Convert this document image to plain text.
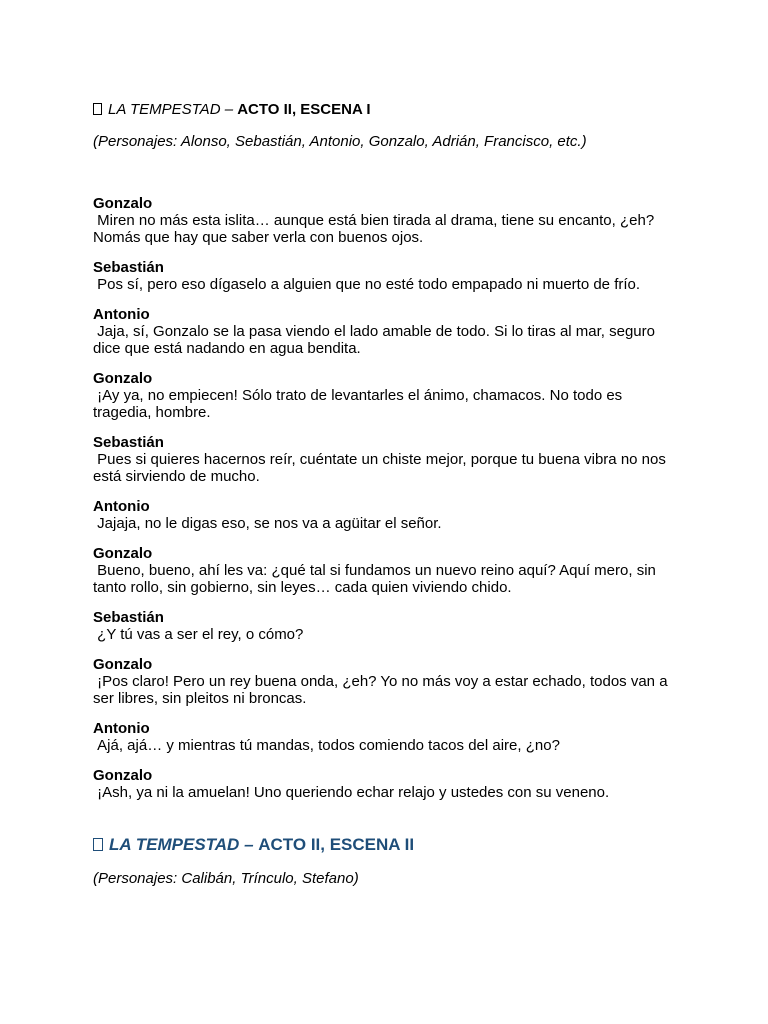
LA TEMPESTAD – ACTO II, ESCENA I

(Personajes: Alonso, Sebastián, Antonio, Gonzalo, Adrián, Francisco, etc.)

Gonzalo
Miren no más esta islita… aunque está bien tirada al drama, tiene su encanto, ¿eh? Nomás que hay que saber verla con buenos ojos.
Sebastián
Pos sí, pero eso dígaselo a alguien que no esté todo empapado ni muerto de frío.
Antonio
Jaja, sí, Gonzalo se la pasa viendo el lado amable de todo. Si lo tiras al mar, seguro dice que está nadando en agua bendita.
Gonzalo
¡Ay ya, no empiecen! Sólo trato de levantarles el ánimo, chamacos. No todo es tragedia, hombre.
Sebastián
Pues si quieres hacernos reír, cuéntate un chiste mejor, porque tu buena vibra no nos está sirviendo de mucho.
Antonio
Jajaja, no le digas eso, se nos va a agüitar el señor.
Gonzalo
Bueno, bueno, ahí les va: ¿qué tal si fundamos un nuevo reino aquí? Aquí mero, sin tanto rollo, sin gobierno, sin leyes… cada quien viviendo chido.
Sebastián
¿Y tú vas a ser el rey, o cómo?
Gonzalo
¡Pos claro! Pero un rey buena onda, ¿eh? Yo no más voy a estar echado, todos van a ser libres, sin pleitos ni broncas.
Antonio
Ajá, ajá… y mientras tú mandas, todos comiendo tacos del aire, ¿no?
Gonzalo
¡Ash, ya ni la amuelan! Uno queriendo echar relajo y ustedes con su veneno.

LA TEMPESTAD – ACTO II, ESCENA II

(Personajes: Calibán, Trínculo, Stefano)
